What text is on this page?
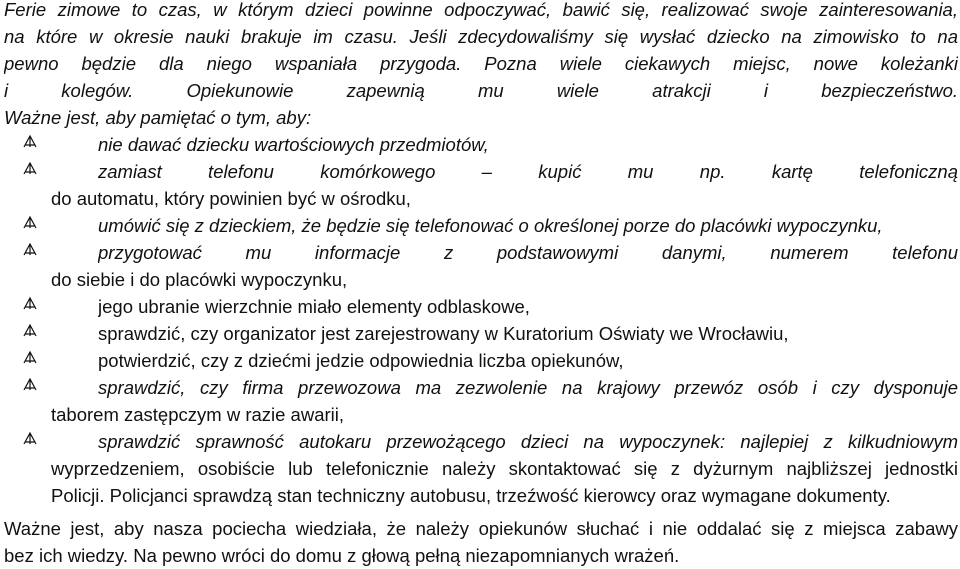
Ferie zimowe to czas, w którym dzieci powinne odpoczywać, bawić się, realizować swoje zainteresowania,
na które w okresie nauki brakuje im czasu. Jeśli zdecydowaliśmy się wysłać dziecko na zimowisko to na
pewno będzie dla niego wspaniała przygoda. Pozna wiele ciekawych miejsc, nowe koleżanki
i kolegów. Opiekunowie zapewnią mu wiele atrakcji i bezpieczeństwo.
Ważne jest, aby pamiętać o tym, aby:
nie dawać dziecku wartościowych przedmiotów,
zamiast telefonu komórkowego – kupić mu np. kartę telefoniczną
do automatu, który powinien być w ośrodku,
umówić się z dzieckiem, że będzie się telefonować o określonej porze do placówki wypoczynku,
przygotować mu informacje z podstawowymi danymi, numerem telefonu
do siebie i do placówki wypoczynku,
jego ubranie wierzchnie miało elementy odblaskowe,
sprawdzić, czy organizator jest zarejestrowany w Kuratorium Oświaty we Wrocławiu,
potwierdzić, czy z dziećmi jedzie odpowiednia liczba opiekunów,
sprawdzić, czy firma przewozowa ma zezwolenie na krajowy przewóz osób i czy dysponuje
taborem zastępczym w razie awarii,
sprawdzić sprawność autokaru przewożącego dzieci na wypoczynek: najlepiej z kilkudniowym
wyprzedzeniem, osobiście lub telefonicznie należy skontaktować się z dyżurnym najbliższej jednostki
Policji. Policjanci sprawdzą stan techniczny autobusu, trzeźwość kierowcy oraz wymagane dokumenty.
Ważne jest, aby nasza pociecha wiedziała, że należy opiekunów słuchać i nie oddalać się z miejsca zabawy
bez ich wiedzy. Na pewno wróci do domu z głową pełną niezapomnianych wrażeń.
